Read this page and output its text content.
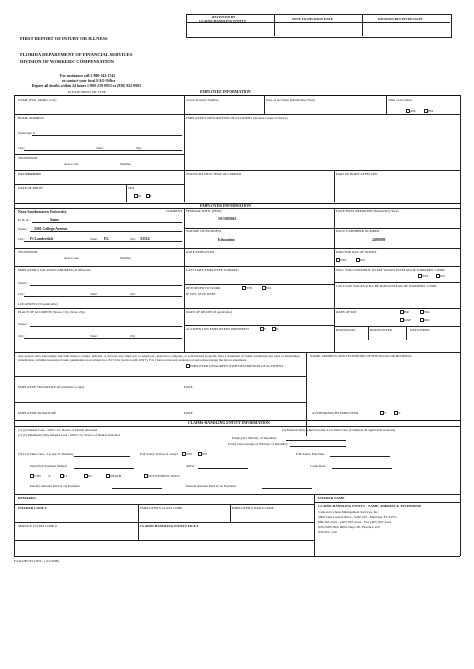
FIRST REPORT OF INJURY OR ILLNESS
FLORIDA DEPARTMENT OF FINANCIAL SERVICES
DIVISION OF WORKERS' COMPENSATION
For assistance call 1-800-342-1741
or contact your local EAO Office
Report all deaths within 24 hours 1-800-219-8953 or (850) 922-0983
RECEIVED BY
CLAIMS-HANDLING ENTITY	SENT TO DIVISION DATE	DIVISION RECEIVED DATE
PLEASE PRINT OR TYPE	EMPLOYEE INFORMATION
NAME (First, Middle, Last)	Social Security Number	Date of Accident (Month/Day/Year)	Time of Accident
AM	PM
HOME ADDRESS	EMPLOYEE'S DESCRIPTION OF ACCIDENT (Include Cause of Injury)
Street/Apt #:
City:	State:	Zip:
TELEPHONE
Area Code	Number
INJURY/ILLNESS THAT OCCURRED	PART OF BODY AFFECTED
OCCUPATION
DATE OF BIRTH	SEX
M	F
EMPLOYER INFORMATION
COMPANY
Nova Southeastern University	FEDERAL IDEN. (FEIN)
59-1083962
DATE FIRST REPORTED (Month/Day/Year)
D. B. A.:	Same
Street: 3301 College Avenue
NATURE OF BUSINESS
Education
POLICY/MEMBER NUMBER
2499309
City: Ft Lauderdale	State: FL	Zip: 33314
TELEPHONE
Area Code	Number
DATE EMPLOYED	PAID FOR DAY OF INJURY
YES	NO
EMPLOYER'S LOCATION ADDRESS (If different)	LAST DATE EMPLOYEE WORKED	WILL YOU CONTINUE TO PAY WAGES INSTEAD OF WORKERS' COMP?
YES	NO
Street:
City:	State:	Zip:
RETURNED TO WORK	YES	NO
IF YES, GIVE DATE
LAST DAY WAGES WILL BE PAID INSTEAD OF WORKERS' COMP
LOCATION # (If applicable)
PLACE OF ACCIDENT (Street, City, State, Zip)	DATE OF DEATH (If applicable)	RATE OF PAY	HR	WK
DAY	MO
Street:
ACCIDENT ON EMPLOYER'S PREMISES?	Y	N	HOURS/DAY	HOURS/WEEK	DAYS/WEEK
City:	State:	Zip:
Any person who, knowingly and with intent to injure, defraud, or deceive any employer or employee, insurance company, or self-insured program, files a statement of claim containing any false or misleading information commits insurance fraud, punishable as provided in s. 817.234. Section 440.105(7), F.S. I have reviewed, understood and acknowledge the above statement.
EMPLOYER DISAGREES WITH DESCRIPTION OF ACCIDENT
NAME, ADDRESS AND TELEPHONE OF PHYSICIAN OR HOSPITAL
EMPLOYEE SIGNATURE (If available to sign)	DATE
EMPLOYER SIGNATURE	DATE	AUTHORIZED BY EMPLOYER	Y	N
CLAIMS-HANDLING ENTITY INFORMATION
(1) (a) Denied Case - DWC-12, Notice of Denial Attached
(1) (b) Indemnity Only Denied Case - DWC-12, Notice of Denial Attached
(2) Medical Only which became Lost Time Case (Complete all applicable sections)
Employer's 8th Day of Disability
Entity's Knowledge of 8th Day of Disability
(3) Lost Time Case - 1st day of disability	Full Salary in lieu of comp? YES	NO	Full Salary End Date
Date First Payment Mailed	AWW	Comp Rate
TTD %	IT	PT	DEATH	SETTLEMENT ONLY
Penalty Amount Paid in 1st Payment	Interest Amount Paid in 1st Payment
REMARKS:	INSURER NAME
INSURER CODE #	EMPLOYER'S CLASS CODE	EMPLOYER'S NAICS CODE
SERVICE CO/TPA CODE #	CLAIMS-HANDLING ENTITY FILE #
CLAIMS-HANDLING ENTITY NAME, ADDRESS & TELEPHONE
Cannon Cochran Management Services, Inc.
2600 Lake Lucien Drive - Suite 225 - Maitland, FL 32751
866-293-xxxx - (407) 667-xxxx - Fax (407) 667-xxxx
NSU/GPO Box 6000, Dept. 60, Florence, KY
NSUWC.com
Form DFS-F2-DWC-1 (12/2009)
